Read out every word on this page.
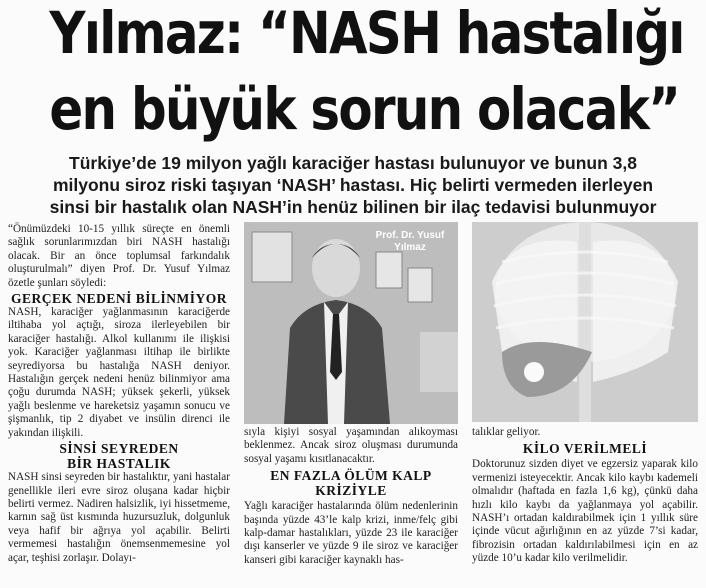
Yılmaz: “NASH hastalığı
en büyük sorun olacak”
Türkiye’de 19 milyon yağlı karaciğer hastası bulunuyor ve bunun 3,8
milyonu siroz riski taşıyan ‘NASH’ hastası. Hiç belirti vermeden ilerleyen
sinsi bir hastalık olan NASH’in henüz bilinen bir ilaç tedavisi bulunmuyor

“Önümüzdeki 10-15 yıllık süreçte en önemli sağlık sorunlarımızdan biri NASH hastalığı olacak. Bir an önce toplumsal farkındalık oluşturulmalı” diyen Prof. Dr. Yusuf Yılmaz özetle şunları söyledi:

GERÇEK NEDENİ BİLİNMİYOR

NASH, karaciğer yağlanmasının karaciğerde iltihaba yol açtığı, siroza ilerleyebilen bir karaciğer hastalığı. Alkol kullanımı ile ilişkisi yok. Karaciğer yağlanması iltihap ile birlikte seyrediyorsa bu hastalığa NASH deniyor. Hastalığın gerçek nedeni henüz bilinmiyor ama çoğu durumda NASH; yüksek şekerli, yüksek yağlı beslenme ve hareketsiz yaşamın sonucu ve şişmanlık, tip 2 diyabet ve insülin direnci ile yakından ilişkili.

SİNSİ SEYREDEN
BİR HASTALIK

NASH sinsi seyreden bir hastalıktır, yani hastalar genellikle ileri evre siroz oluşana kadar hiçbir belirti vermez. Nadiren halsizlik, iyi hissetmeme, karnın sağ üst kısmında huzursuzluk, dolgunluk veya hafif bir ağrıya yol açabilir. Belirti vermemesi hastalığın önemsenmemesine yol açar, teşhisi zorlaşır. Dolayı-

Prof. Dr. Yusuf
Yılmaz

sıyla kişiyi sosyal yaşamından alıkoyması beklenmez. Ancak siroz oluşması durumunda sosyal yaşamı kısıtlanacaktır.

EN FAZLA ÖLÜM KALP
KRİZİYLE

Yağlı karaciğer hastalarında ölüm nedenlerinin başında yüzde 43’le kalp krizi, inme/felç gibi kalp-damar hastalıkları, yüzde 23 ile karaciğer dışı kanserler ve yüzde 9 ile siroz ve karaciğer kanseri gibi karaciğer kaynaklı has-

talıklar geliyor.

KİLO VERİLMELİ

Doktorunuz sizden diyet ve egzersiz yaparak kilo vermenizi isteyecektir. Ancak kilo kaybı kademeli olmalıdır (haftada en fazla 1,6 kg), çünkü daha hızlı kilo kaybı da yağlanmaya yol açabilir. NASH’ı ortadan kaldırabilmek için 1 yıllık süre içinde vücut ağırlığının en az yüzde 7’si kadar, fibrozisin ortadan kaldırılabilmesi için en az yüzde 10’u kadar kilo verilmelidir.
